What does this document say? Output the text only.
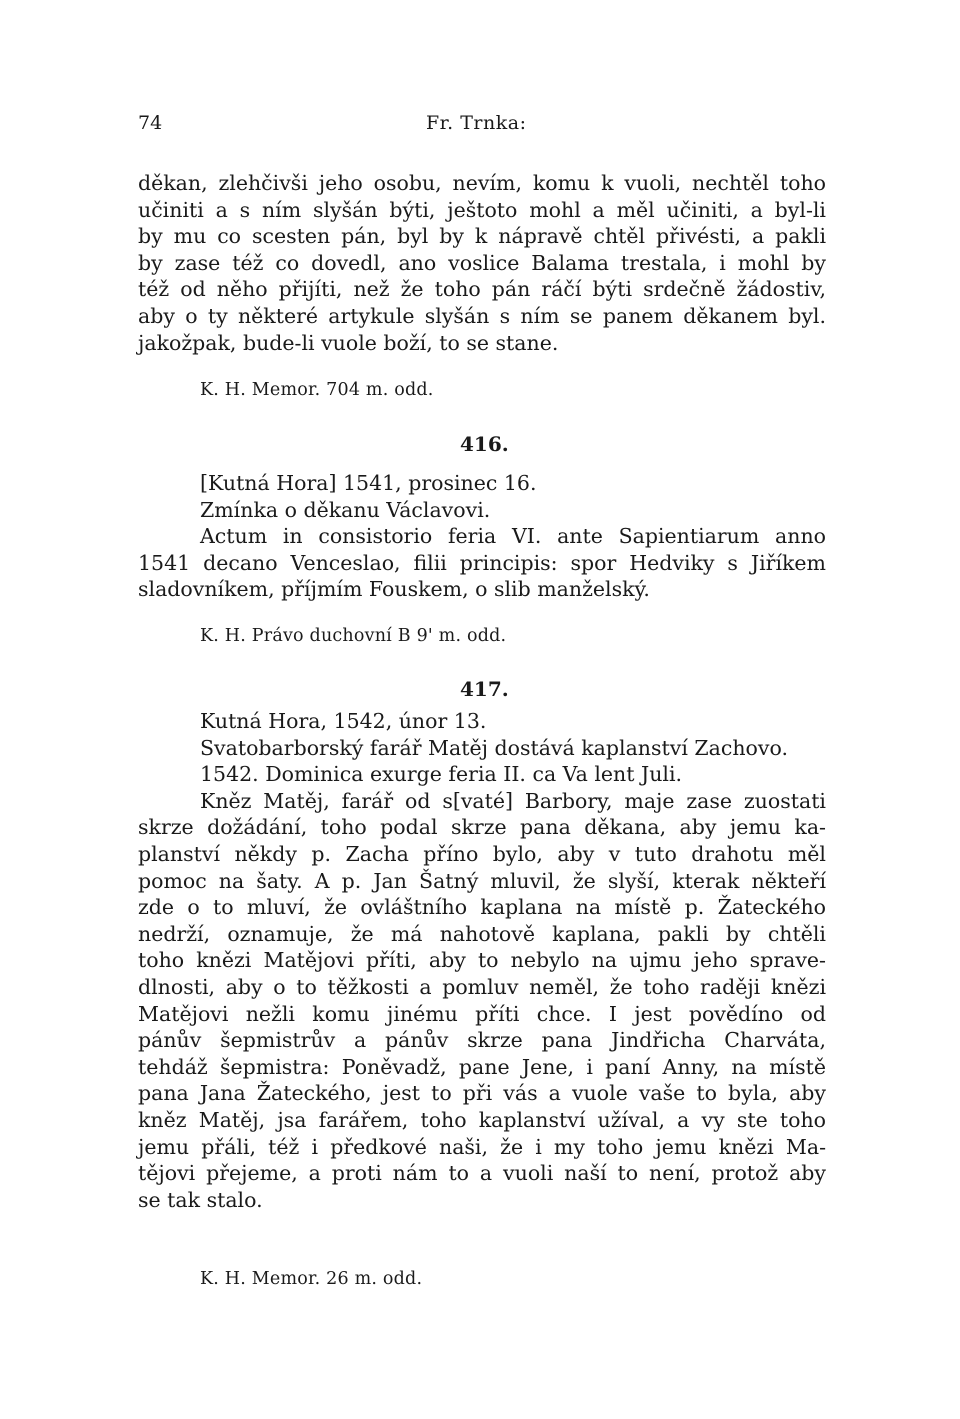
74	Fr. Trnka:
děkan, zlehčivši jeho osobu, nevím, komu k vuoli, nechtěl toho
učiniti a s ním slyšán býti, ještoto mohl a měl učiniti, a byl-li
by mu co scesten pán, byl by k nápravě chtěl přivésti, a pakli
by zase též co dovedl, ano voslice Balama trestala, i mohl by
též od něho přijíti, než že toho pán ráčí býti srdečně žádostiv,
aby o ty některé artykule slyšán s ním se panem děkanem byl.
jakožpak, bude-li vuole boží, to se stane.
K. H. Memor. 704 m. odd.
416.
[Kutná Hora] 1541, prosinec 16.
Zmínka o děkanu Václavovi.
Actum in consistorio feria VI. ante Sapientiarum anno
1541 decano Venceslao, filii principis: spor Hedviky s Jiříkem
sladovníkem, příjmím Fouskem, o slib manželský.
K. H. Právo duchovní B 9' m. odd.
417.
Kutná Hora, 1542, únor 13.
Svatobarborský farář Matěj dostává kaplanství Zachovo.
1542. Dominica exurge feria II. ca Va lent Juli.
Kněz Matěj, farář od s[vaté] Barbory, maje zase zuostati
skrze dožádání, toho podal skrze pana děkana, aby jemu ka-
planství někdy p. Zacha příno bylo, aby v tuto drahotu měl
pomoc na šaty. A p. Jan Šatný mluvil, že slyší, kterak někteří
zde o to mluví, že ovláštního kaplana na místě p. Žateckého
nedrží, oznamuje, že má nahotově kaplana, pakli by chtěli
toho knězi Matějovi příti, aby to nebylo na ujmu jeho sprave-
dlnosti, aby o to těžkosti a pomluv neměl, že toho raději knězi
Matějovi nežli komu jinému příti chce. I jest povědíno od
pánův šepmistrův a pánův skrze pana Jindřicha Charváta,
tehdáž šepmistra: Poněvadž, pane Jene, i paní Anny, na místě
pana Jana Žateckého, jest to při vás a vuole vaše to byla, aby
kněz Matěj, jsa farářem, toho kaplanství užíval, a vy ste toho
jemu přáli, též i předkové naši, že i my toho jemu knězi Ma-
tějovi přejeme, a proti nám to a vuoli naší to není, protož aby
se tak stalo.
K. H. Memor. 26 m. odd.
